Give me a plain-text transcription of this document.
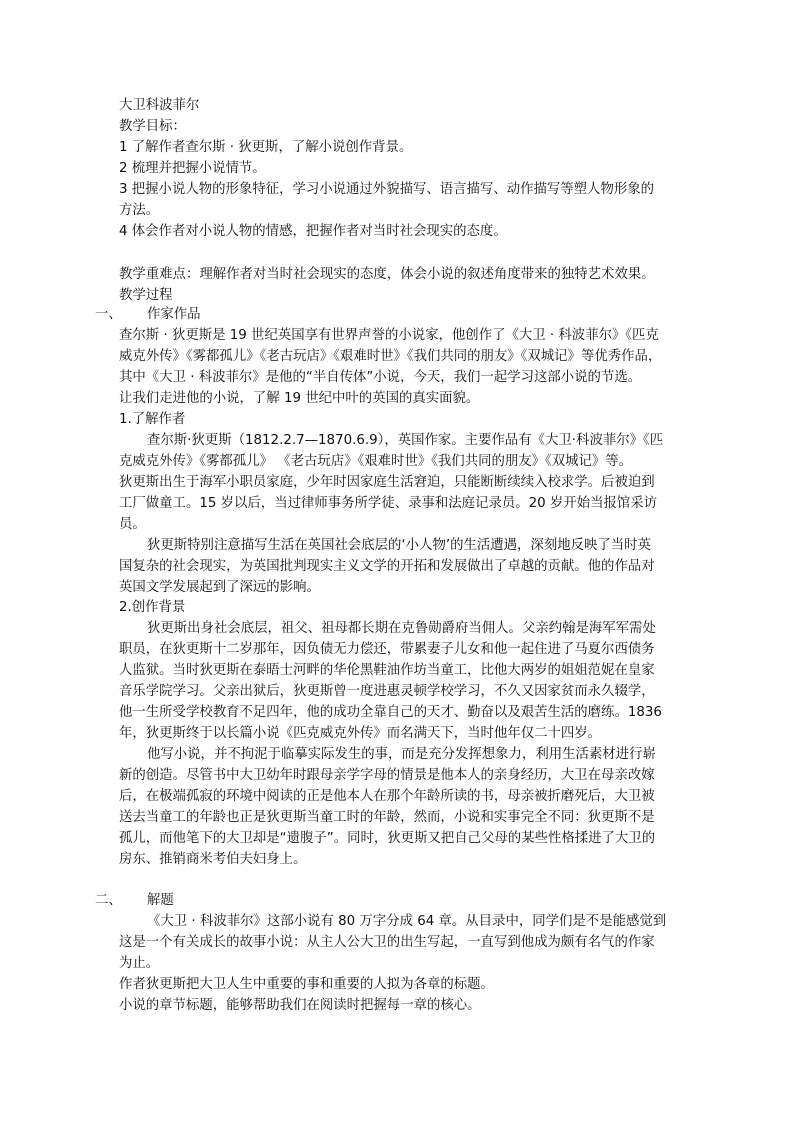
大卫科波菲尔
教学目标：
1 了解作者查尔斯 · 狄更斯，了解小说创作背景。
2 梳理并把握小说情节。
3 把握小说人物的形象特征，学习小说通过外貌描写、语言描写、动作描写等塑人物形象的
方法。
4 体会作者对小说人物的情感，把握作者对当时社会现实的态度。
教学重难点：理解作者对当时社会现实的态度，体会小说的叙述角度带来的独特艺术效果。
教学过程
一、 作家作品
查尔斯 · 狄更斯是 19 世纪英国享有世界声誉的小说家，他创作了《大卫 · 科波菲尔》《匹克
威克外传》《雾都孤儿》《老古玩店》《艰难时世》《我们共同的朋友》《双城记》等优秀作品，
其中《大卫 · 科波菲尔》是他的“半自传体”小说，今天，我们一起学习这部小说的节选。
让我们走进他的小说，了解 19 世纪中叶的英国的真实面貌。
1.了解作者
查尔斯·狄更斯（1812.2.7—1870.6.9），英国作家。主要作品有《大卫·科波菲尔》《匹
克威克外传》《雾都孤儿》 《老古玩店》《艰难时世》《我们共同的朋友》《双城记》等。
狄更斯出生于海军小职员家庭，少年时因家庭生活窘迫，只能断断续续入校求学。后被迫到
工厂做童工。15 岁以后，当过律师事务所学徒、录事和法庭记录员。20 岁开始当报馆采访
员。
狄更斯特别注意描写生活在英国社会底层的‘小人物’的生活遭遇，深刻地反映了当时英
国复杂的社会现实，为英国批判现实主义文学的开拓和发展做出了卓越的贡献。他的作品对
英国文学发展起到了深远的影响。
2.创作背景
狄更斯出身社会底层，祖父、祖母都长期在克鲁勋爵府当佣人。父亲约翰是海军军需处
职员，在狄更斯十二岁那年，因负债无力偿还，带累妻子儿女和他一起住进了马夏尔西债务
人监狱。当时狄更斯在泰晤士河畔的华伦黑鞋油作坊当童工，比他大两岁的姐姐范妮在皇家
音乐学院学习。父亲出狱后，狄更斯曾一度进惠灵顿学校学习，不久又因家贫而永久辍学，
他一生所受学校教育不足四年，他的成功全靠自己的天才、勤奋以及艰苦生活的磨练。1836
年，狄更斯终于以长篇小说《匹克威克外传》而名满天下，当时他年仅二十四岁。
他写小说，并不拘泥于临摹实际发生的事，而是充分发挥想象力，利用生活素材进行崭
新的创造。尽管书中大卫幼年时跟母亲学字母的情景是他本人的亲身经历，大卫在母亲改嫁
后，在极端孤寂的环境中阅读的正是他本人在那个年龄所读的书，母亲被折磨死后，大卫被
送去当童工的年龄也正是狄更斯当童工时的年龄，然而，小说和实事完全不同：狄更斯不是
孤儿，而他笔下的大卫却是“遗腹子”。同时，狄更斯又把自己父母的某些性格揉进了大卫的
房东、推销商米考伯夫妇身上。
二、 解题
《大卫 · 科波菲尔》这部小说有 80 万字分成 64 章。从目录中，同学们是不是能感觉到
这是一个有关成长的故事小说：从主人公大卫的出生写起，一直写到他成为颇有名气的作家
为止。
作者狄更斯把大卫人生中重要的事和重要的人拟为各章的标题。
小说的章节标题，能够帮助我们在阅读时把握每一章的核心。
